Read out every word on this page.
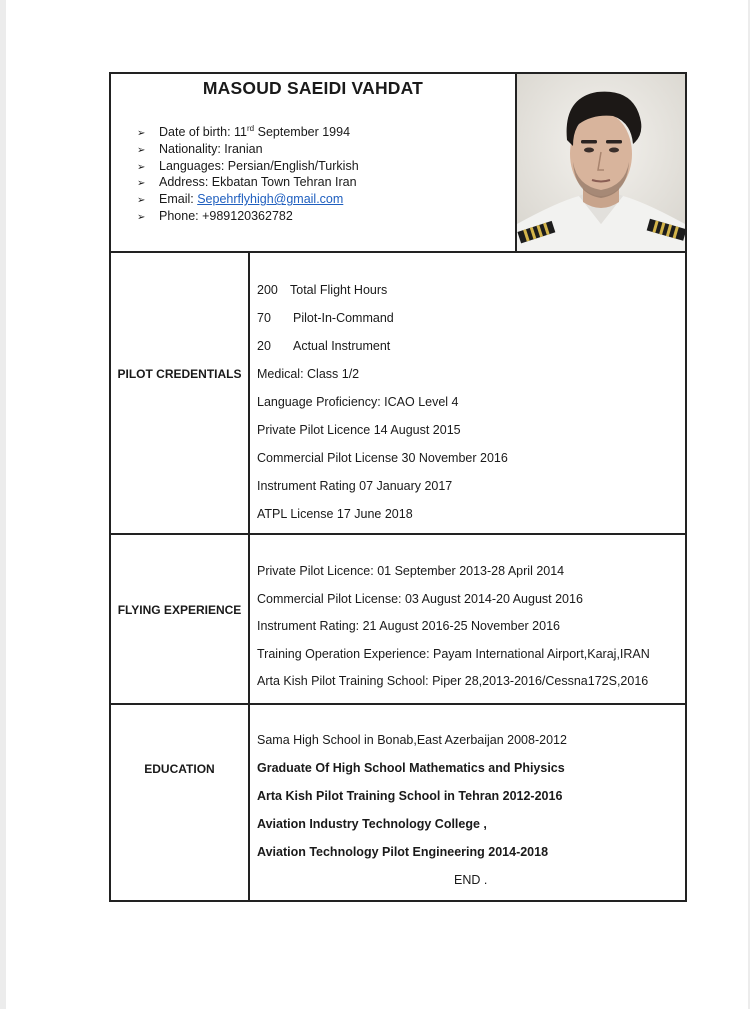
MASOUD SAEIDI VAHDAT
➢ Date of birth: 11rd September 1994
➢ Nationality: Iranian
➢ Languages: Persian/English/Turkish
➢ Address: Ekbatan Town Tehran Iran
➢ Email: Sepehrflyhigh@gmail.com
➢ Phone: +989120362782
PILOT CREDENTIALS
200 Total Flight Hours
70 Pilot-In-Command
20 Actual Instrument
Medical: Class 1/2
Language Proficiency: ICAO Level 4
Private Pilot Licence 14 August 2015
Commercial Pilot License 30 November 2016
Instrument Rating 07 January 2017
ATPL License 17 June 2018
FLYING EXPERIENCE
Private Pilot Licence: 01 September 2013-28 April 2014
Commercial Pilot License: 03 August 2014-20 August 2016
Instrument Rating: 21 August 2016-25 November 2016
Training Operation Experience: Payam International Airport,Karaj,IRAN
Arta Kish Pilot Training School: Piper 28,2013-2016/Cessna172S,2016
EDUCATION
Sama High School in Bonab,East Azerbaijan 2008-2012
Graduate Of High School Mathematics and Phiysics
Arta Kish Pilot Training School in Tehran 2012-2016
Aviation Industry Technology College ,
Aviation Technology Pilot Engineering 2014-2018
END .
